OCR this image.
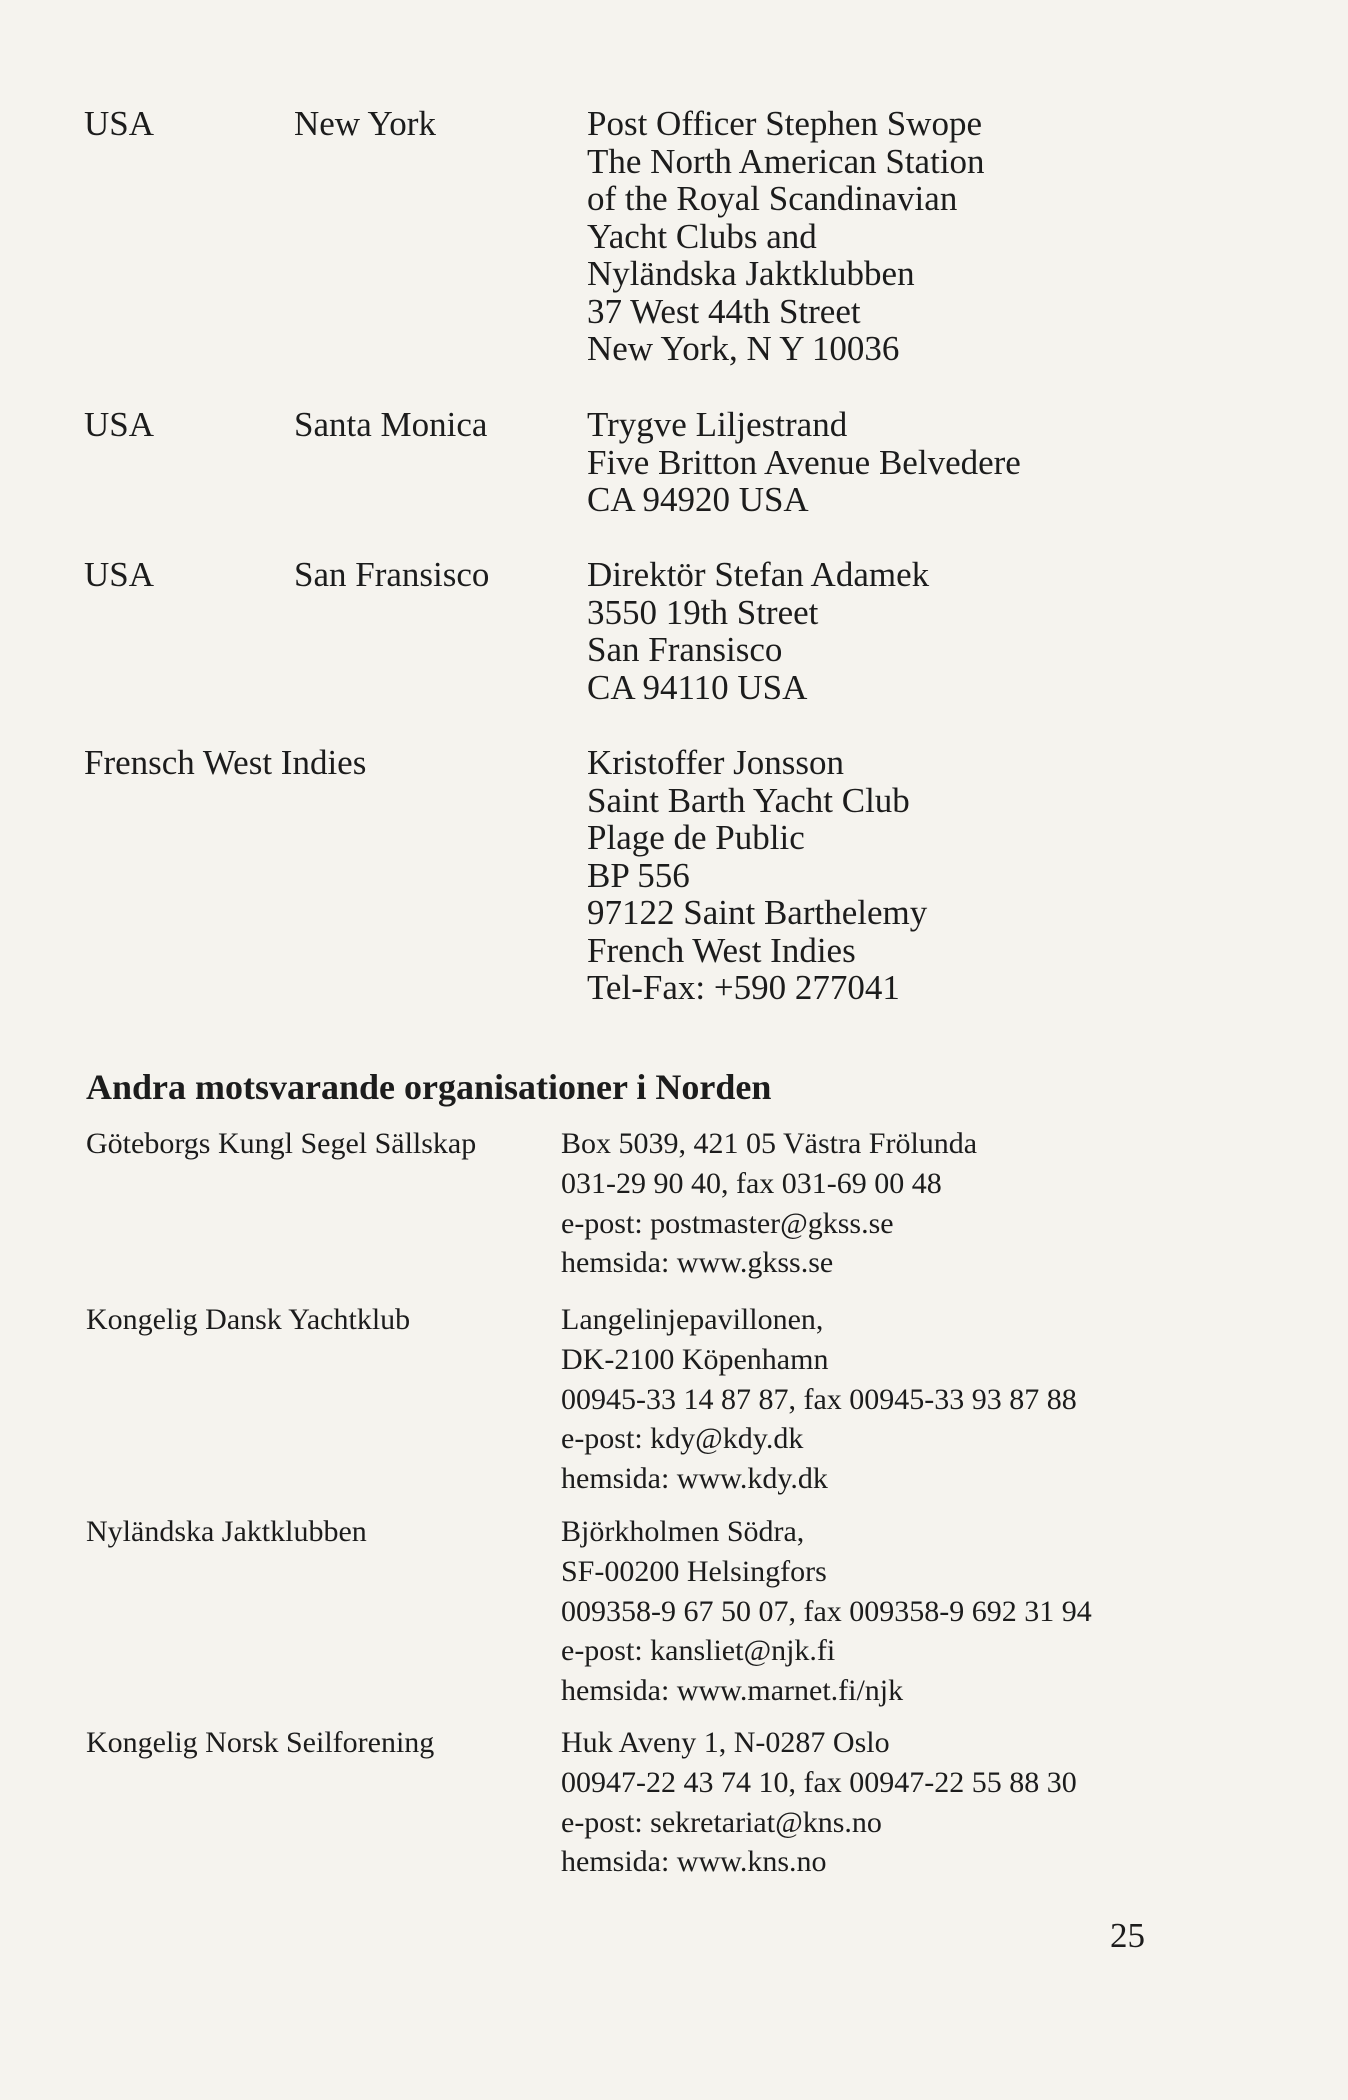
USA	New York	Post Officer Stephen Swope
The North American Station
of the Royal Scandinavian
Yacht Clubs and
Nyländska Jaktklubben
37 West 44th Street
New York, N Y 10036
USA	Santa Monica	Trygve Liljestrand
Five Britton Avenue Belvedere
CA 94920 USA
USA	San Fransisco	Direktör Stefan Adamek
3550 19th Street
San Fransisco
CA 94110 USA
Frensch West Indies	Kristoffer Jonsson
Saint Barth Yacht Club
Plage de Public
BP 556
97122 Saint Barthelemy
French West Indies
Tel-Fax: +590 277041
Andra motsvarande organisationer i Norden
Göteborgs Kungl Segel Sällskap	Box 5039, 421 05 Västra Frölunda
031-29 90 40, fax 031-69 00 48
e-post: postmaster@gkss.se
hemsida: www.gkss.se
Kongelig Dansk Yachtklub	Langelinjepavillonen,
DK-2100 Köpenhamn
00945-33 14 87 87, fax 00945-33 93 87 88
e-post: kdy@kdy.dk
hemsida: www.kdy.dk
Nyländska Jaktklubben	Björkholmen Södra,
SF-00200 Helsingfors
009358-9 67 50 07, fax 009358-9 692 31 94
e-post: kansliet@njk.fi
hemsida: www.marnet.fi/njk
Kongelig Norsk Seilforening	Huk Aveny 1, N-0287 Oslo
00947-22 43 74 10, fax 00947-22 55 88 30
e-post: sekretariat@kns.no
hemsida: www.kns.no
25
